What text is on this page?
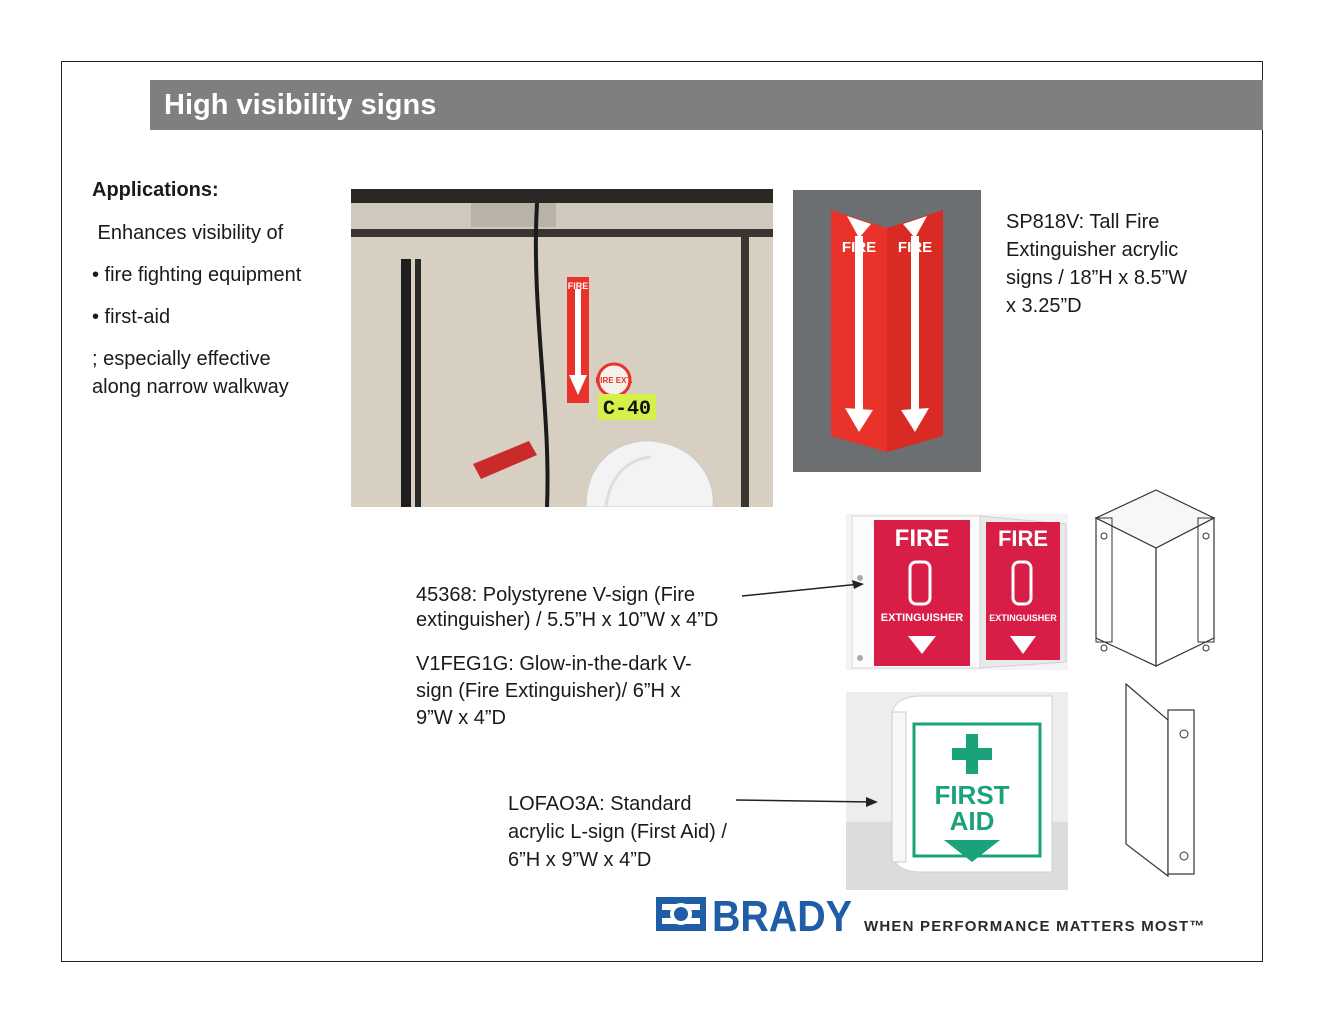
High visibility signs
Applications:
Enhances visibility of
• fire fighting equipment
• first-aid
; especially effective
along narrow walkway
FIRE
FIRE EXT.
C-40
FIRE FIRE
EXTINGUISHER	EXTINGUISHER
SP818V: Tall Fire
Extinguisher acrylic
signs / 18”H x 8.5”W
x 3.25”D
FIRE FIRE
EXTINGUISHER	EXTINGUISHER
FIRST
AID
45368: Polystyrene V-sign (Fire
extinguisher) / 5.5”H x 10”W x 4”D
V1FEG1G: Glow-in-the-dark V-
sign (Fire Extinguisher)/ 6”H x
9”W x 4”D
LOFAO3A: Standard
acrylic L-sign (First Aid) /
6”H x 9”W x 4”D
BRADY WHEN PERFORMANCE MATTERS MOST™
